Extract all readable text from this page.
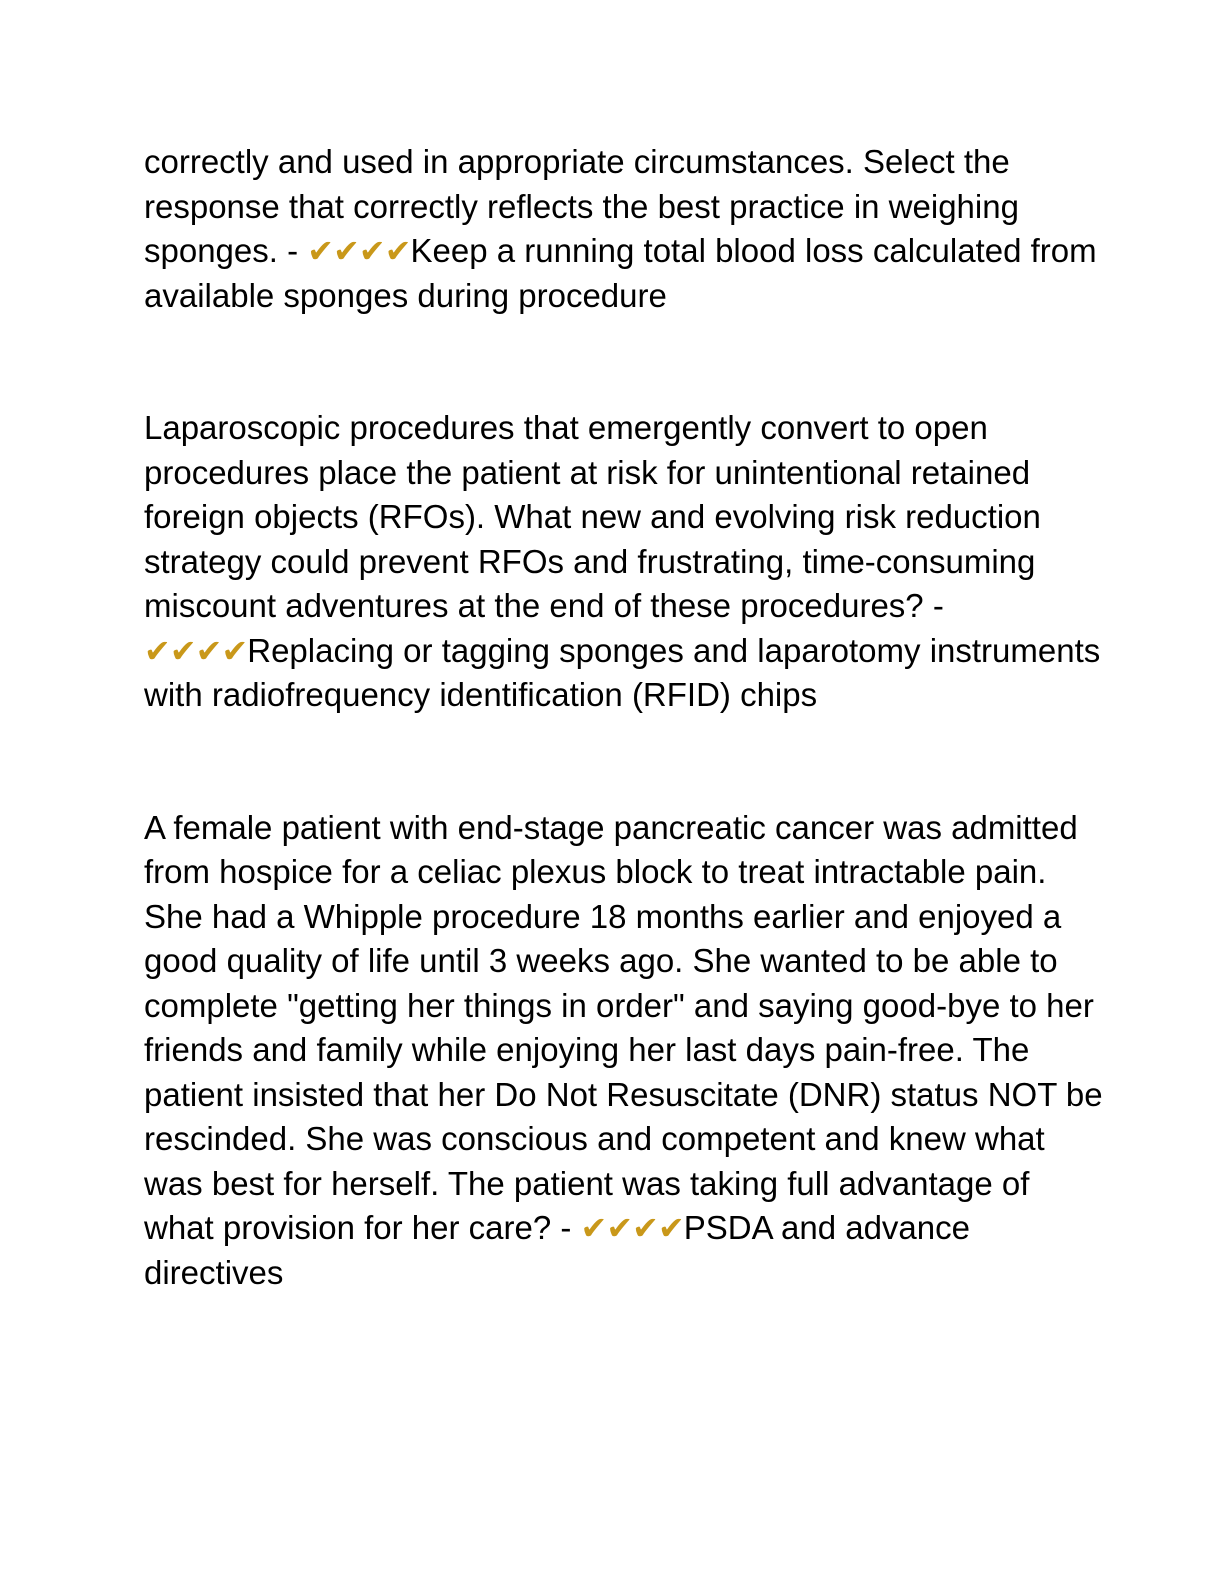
correctly and used in appropriate circumstances. Select the response that correctly reflects the best practice in weighing sponges. - ✔✔✔✔Keep a running total blood loss calculated from available sponges during procedure

Laparoscopic procedures that emergently convert to open procedures place the patient at risk for unintentional retained foreign objects (RFOs). What new and evolving risk reduction strategy could prevent RFOs and frustrating, time-consuming miscount adventures at the end of these procedures? - ✔✔✔✔Replacing or tagging sponges and laparotomy instruments with radiofrequency identification (RFID) chips

A female patient with end-stage pancreatic cancer was admitted from hospice for a celiac plexus block to treat intractable pain. She had a Whipple procedure 18 months earlier and enjoyed a good quality of life until 3 weeks ago. She wanted to be able to complete "getting her things in order" and saying good-bye to her friends and family while enjoying her last days pain-free. The patient insisted that her Do Not Resuscitate (DNR) status NOT be rescinded. She was conscious and competent and knew what was best for herself. The patient was taking full advantage of what provision for her care? - ✔✔✔✔PSDA and advance directives
